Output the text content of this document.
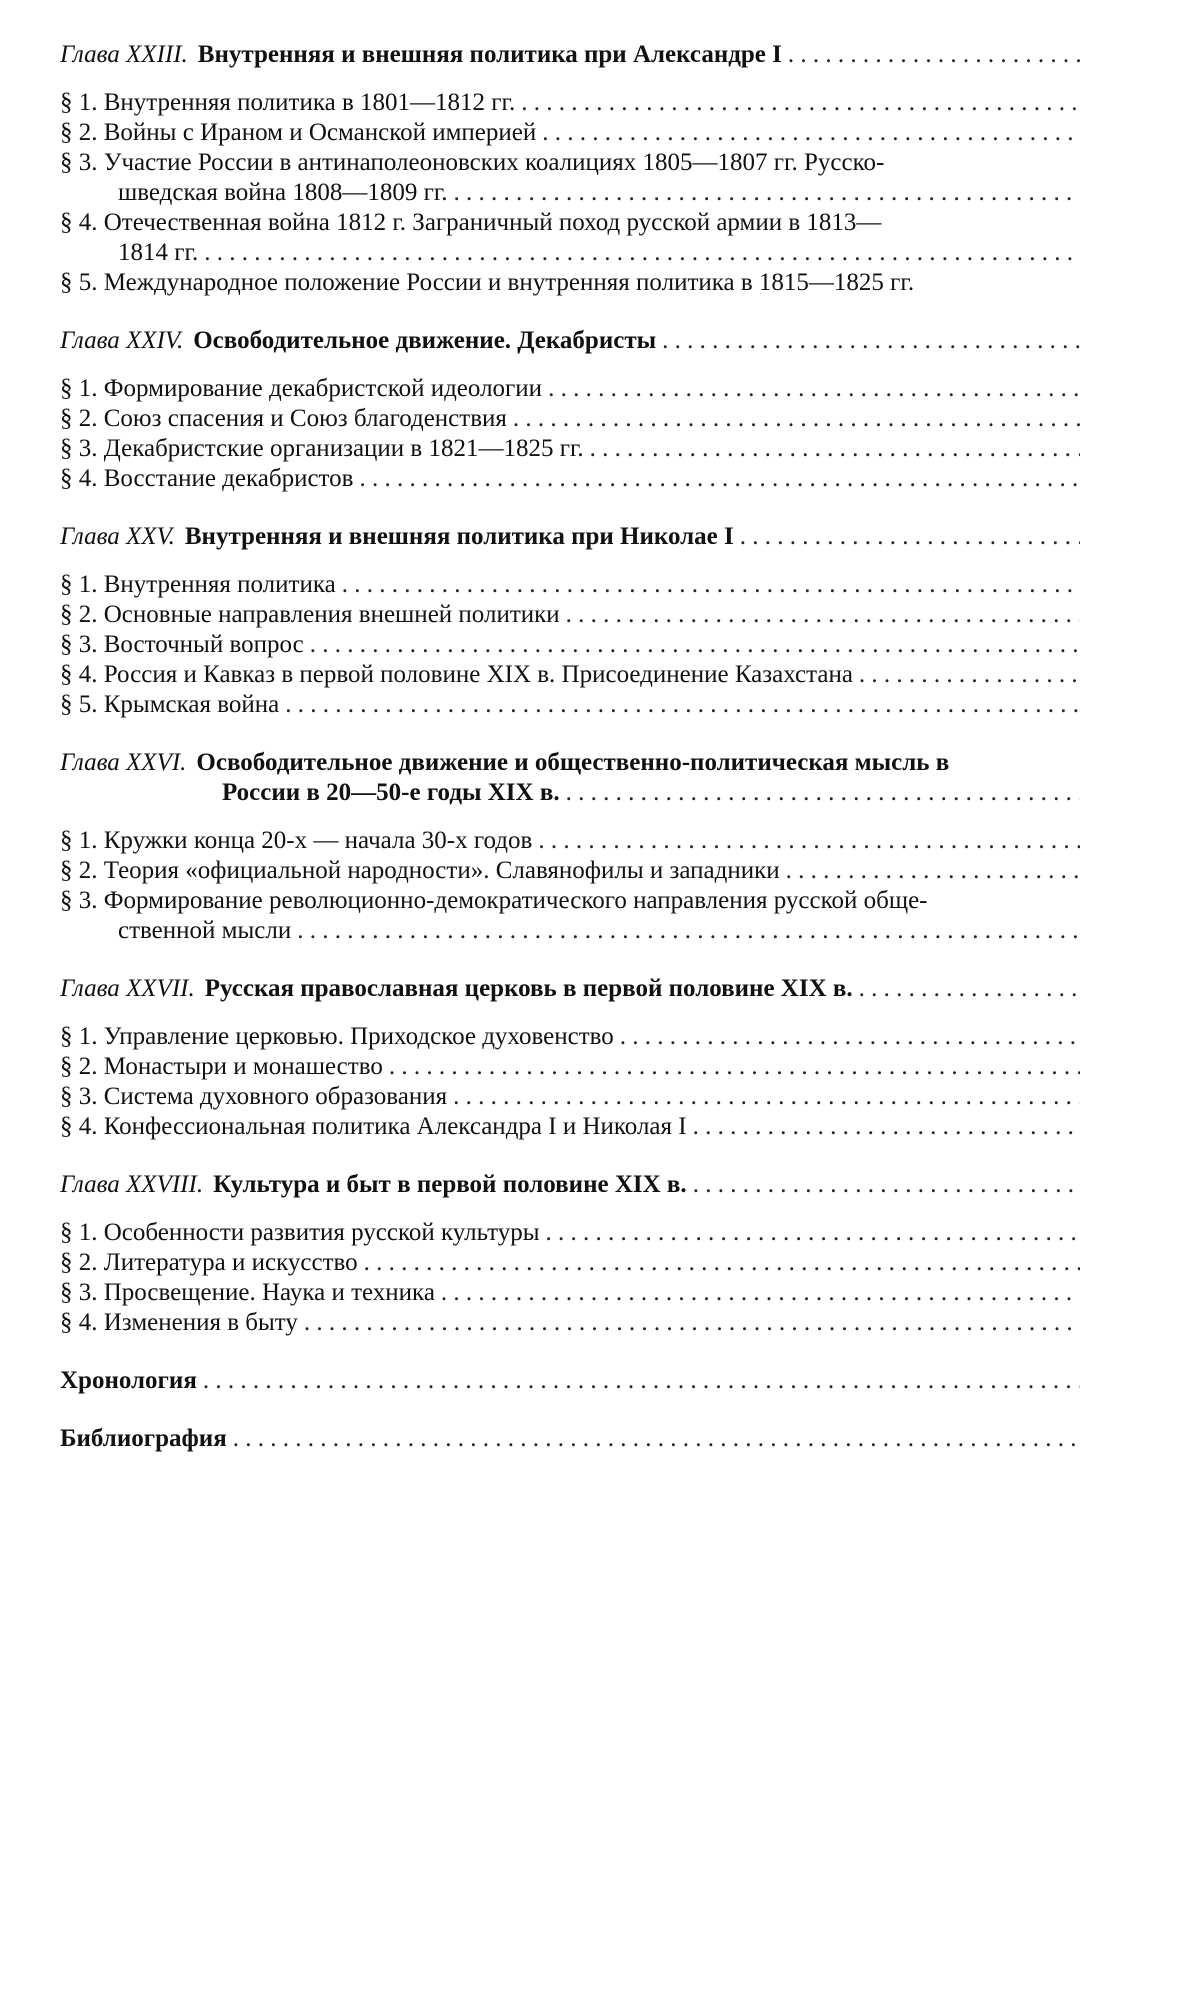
Глава XXIII. Внутренняя и внешняя политика при Александре I
. . .
§ 1. Внутренняя политика в 1801—1812 гг.
. . .
§ 2. Войны с Ираном и Османской империей
. . .
§ 3. Участие России в антинаполеоновских коалициях 1805—1807 гг. Русско-
шведская война 1808—1809 гг.
. . .
§ 4. Отечественная война 1812 г. Заграничный поход русской армии в 1813—
1814 гг.
. . .
§ 5. Международное положение России и внутренняя политика в 1815—1825 гг.
Глава XXIV. Освободительное движение. Декабристы
. . .
§ 1. Формирование декабристской идеологии
. . .
§ 2. Союз спасения и Союз благоденствия
. . .
§ 3. Декабристские организации в 1821—1825 гг.
. . .
§ 4. Восстание декабристов
. . .
Глава XXV. Внутренняя и внешняя политика при Николае I
. . .
§ 1. Внутренняя политика
. . .
§ 2. Основные направления внешней политики
. . .
§ 3. Восточный вопрос
. . .
§ 4. Россия и Кавказ в первой половине XIX в. Присоединение Казахстана
. . .
§ 5. Крымская война
. . .
Глава XXVI. Освободительное движение и общественно-политическая мысль в
России в 20—50-е годы XIX в.
. . .
§ 1. Кружки конца 20-х — начала 30-х годов
. . .
§ 2. Теория «официальной народности». Славянофилы и западники
. . .
§ 3. Формирование революционно-демократического направления русской обще-
ственной мысли
. . .
Глава XXVII. Русская православная церковь в первой половине XIX в.
. . .
§ 1. Управление церковью. Приходское духовенство
. . .
§ 2. Монастыри и монашество
. . .
§ 3. Система духовного образования
. . .
§ 4. Конфессиональная политика Александра I и Николая I
. . .
Глава XXVIII. Культура и быт в первой половине XIX в.
. . .
§ 1. Особенности развития русской культуры
. . .
§ 2. Литература и искусство
. . .
§ 3. Просвещение. Наука и техника
. . .
§ 4. Изменения в быту
. . .
Хронология
. . .
Библиография
. . .
